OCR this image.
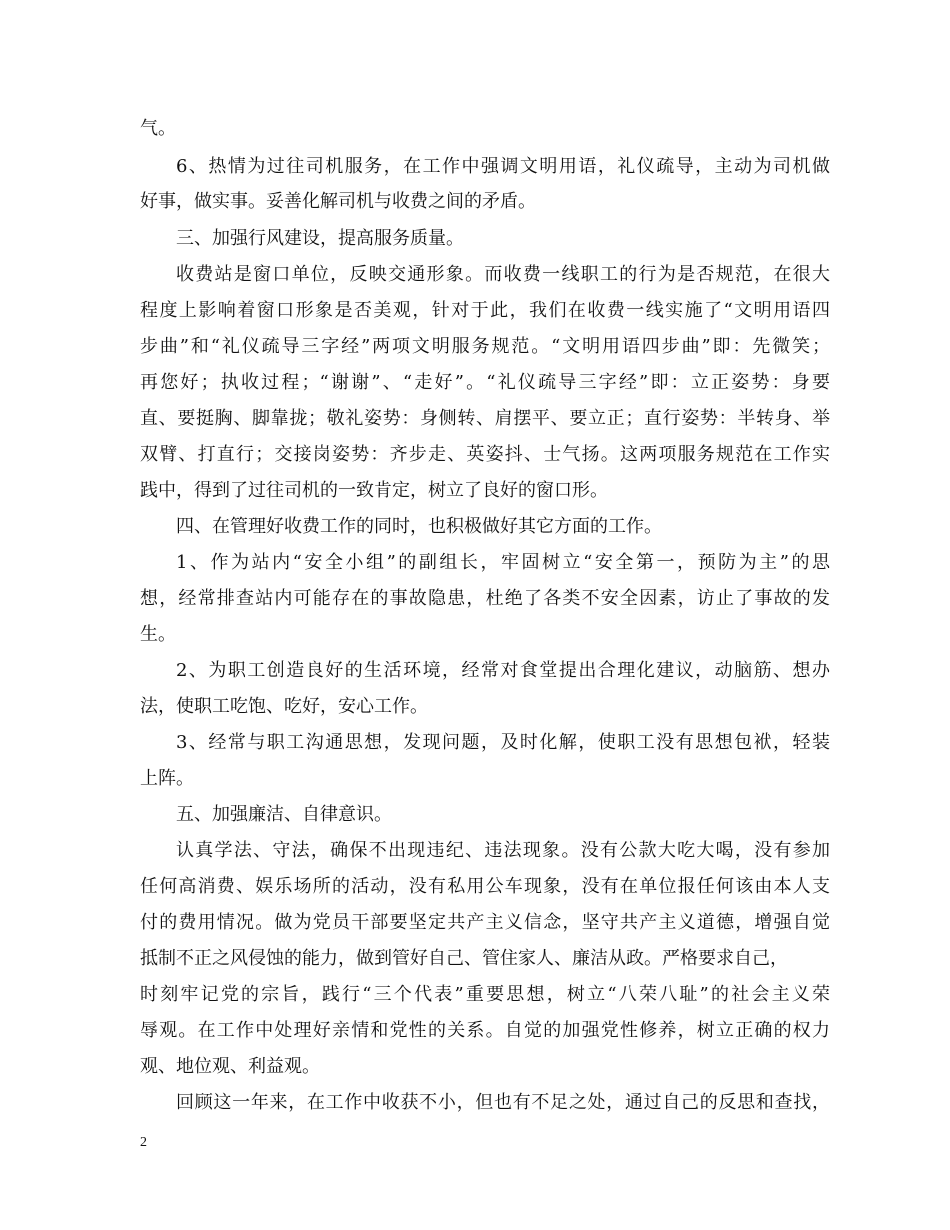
气。
6、热情为过往司机服务，在工作中强调文明用语，礼仪疏导，主动为司机做
好事，做实事。妥善化解司机与收费之间的矛盾。
三、加强行风建设，提高服务质量。
收费站是窗口单位，反映交通形象。而收费一线职工的行为是否规范，在很大
程度上影响着窗口形象是否美观，针对于此，我们在收费一线实施了“文明用语四
步曲”和“礼仪疏导三字经”两项文明服务规范。“文明用语四步曲”即：先微笑；
再您好；执收过程；“谢谢”、“走好”。“礼仪疏导三字经”即：立正姿势：身要
直、要挺胸、脚靠拢；敬礼姿势：身侧转、肩摆平、要立正；直行姿势：半转身、举
双臂、打直行；交接岗姿势：齐步走、英姿抖、士气扬。这两项服务规范在工作实
践中，得到了过往司机的一致肯定，树立了良好的窗口形。
四、在管理好收费工作的同时，也积极做好其它方面的工作。
1、作为站内“安全小组”的副组长，牢固树立“安全第一，预防为主”的思
想，经常排查站内可能存在的事故隐患，杜绝了各类不安全因素，访止了事故的发
生。
2、为职工创造良好的生活环境，经常对食堂提出合理化建议，动脑筋、想办
法，使职工吃饱、吃好，安心工作。
3、经常与职工沟通思想，发现问题，及时化解，使职工没有思想包袱，轻装
上阵。
五、加强廉洁、自律意识。
认真学法、守法，确保不出现违纪、违法现象。没有公款大吃大喝，没有参加
任何高消费、娱乐场所的活动，没有私用公车现象，没有在单位报任何该由本人支
付的费用情况。做为党员干部要坚定共产主义信念，坚守共产主义道德，增强自觉
抵制不正之风侵蚀的能力，做到管好自己、管住家人、廉洁从政。严格要求自己，
时刻牢记党的宗旨，践行“三个代表”重要思想，树立“八荣八耻”的社会主义荣
辱观。在工作中处理好亲情和党性的关系。自觉的加强党性修养，树立正确的权力
观、地位观、利益观。
回顾这一年来，在工作中收获不小，但也有不足之处，通过自己的反思和查找，
2
